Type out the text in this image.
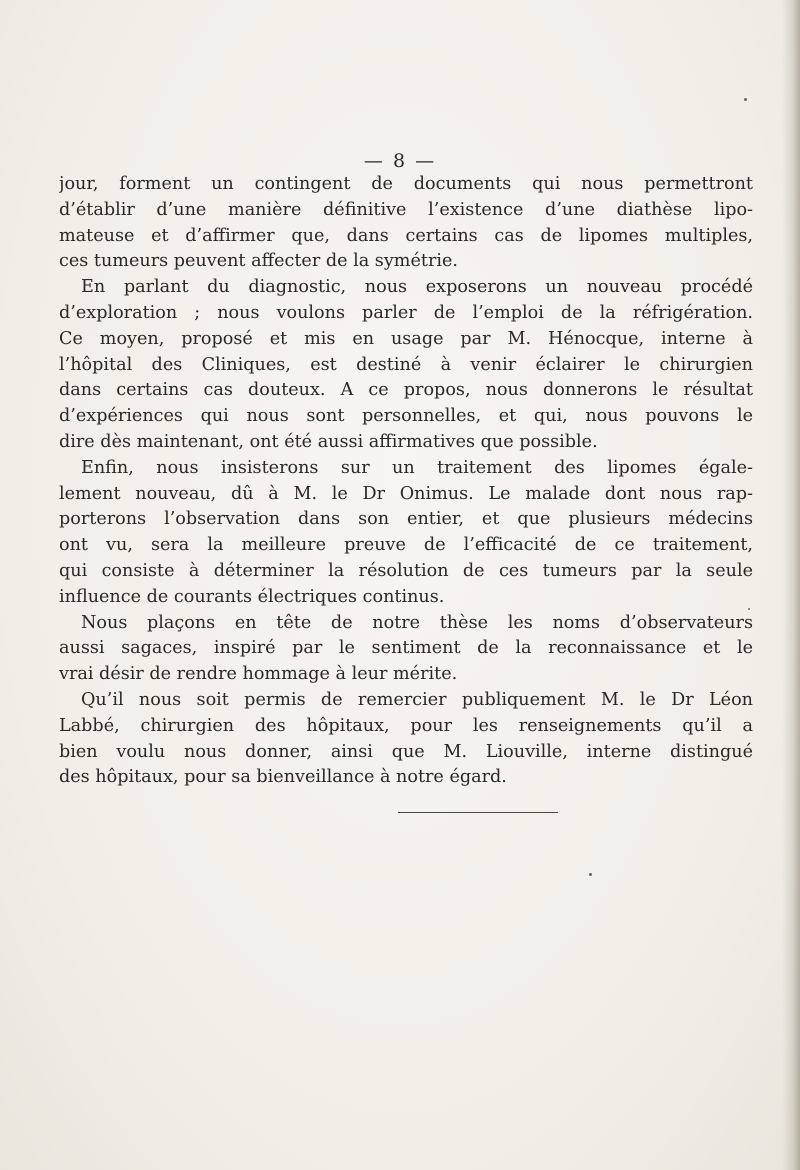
— 8 —
jour, forment un contingent de documents qui nous permettront
d’établir d’une manière définitive l’existence d’une diathèse lipo-
mateuse et d’affirmer que, dans certains cas de lipomes multiples,
ces tumeurs peuvent affecter de la symétrie.
En parlant du diagnostic, nous exposerons un nouveau procédé
d’exploration ; nous voulons parler de l’emploi de la réfrigération.
Ce moyen, proposé et mis en usage par M. Hénocque, interne à
l’hôpital des Cliniques, est destiné à venir éclairer le chirurgien
dans certains cas douteux. A ce propos, nous donnerons le résultat
d’expériences qui nous sont personnelles, et qui, nous pouvons le
dire dès maintenant, ont été aussi affirmatives que possible.
Enfin, nous insisterons sur un traitement des lipomes égale-
lement nouveau, dû à M. le Dr Onimus. Le malade dont nous rap-
porterons l’observation dans son entier, et que plusieurs médecins
ont vu, sera la meilleure preuve de l’efficacité de ce traitement,
qui consiste à déterminer la résolution de ces tumeurs par la seule
influence de courants électriques continus.
Nous plaçons en tête de notre thèse les noms d’observateurs
aussi sagaces, inspiré par le sentiment de la reconnaissance et le
vrai désir de rendre hommage à leur mérite.
Qu’il nous soit permis de remercier publiquement M. le Dr Léon
Labbé, chirurgien des hôpitaux, pour les renseignements qu’il a
bien voulu nous donner, ainsi que M. Liouville, interne distingué
des hôpitaux, pour sa bienveillance à notre égard.
